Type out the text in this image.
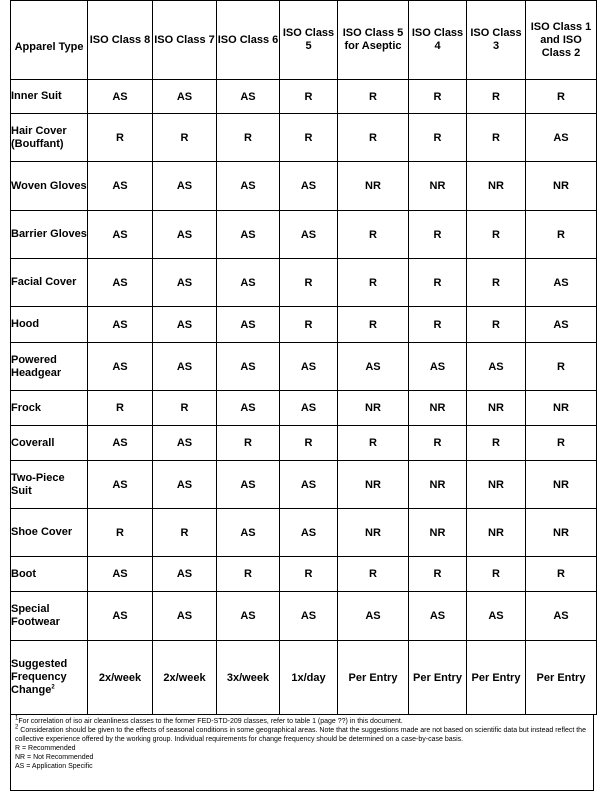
Apparel Type	ISO Class 8	ISO Class 7	ISO Class 6	ISO Class 5	ISO Class 5 for Aseptic	ISO Class 4	ISO Class 3	ISO Class 1 and ISO Class 2
Inner Suit	AS	AS	AS	R	R	R	R	R
Hair Cover (Bouffant)	R	R	R	R	R	R	R	AS
Woven Gloves	AS	AS	AS	AS	NR	NR	NR	NR
Barrier Gloves	AS	AS	AS	AS	R	R	R	R
Facial Cover	AS	AS	AS	R	R	R	R	AS
Hood	AS	AS	AS	R	R	R	R	AS
Powered Headgear	AS	AS	AS	AS	AS	AS	AS	R
Frock	R	R	AS	AS	NR	NR	NR	NR
Coverall	AS	AS	R	R	R	R	R	R
Two-Piece Suit	AS	AS	AS	AS	NR	NR	NR	NR
Shoe Cover	R	R	AS	AS	NR	NR	NR	NR
Boot	AS	AS	R	R	R	R	R	R
Special Footwear	AS	AS	AS	AS	AS	AS	AS	AS
Suggested Frequency Change$^2$	2x/week	2x/week	3x/week	1x/day	Per Entry	Per Entry	Per Entry	Per Entry

$^1$For correlation of iso air cleanliness classes to the former FED-STD-209 classes, refer to table 1 (page ??) in this document.

$^2$ Consideration should be given to the effects of seasonal conditions in some geographical areas. Note that the suggestions made are not based on scientific data but instead reflect the collective experience offered by the working group. Individual requirements for change frequency should be determined on a case-by-case basis.

R = Recommended

NR = Not Recommended

AS = Application Specific
